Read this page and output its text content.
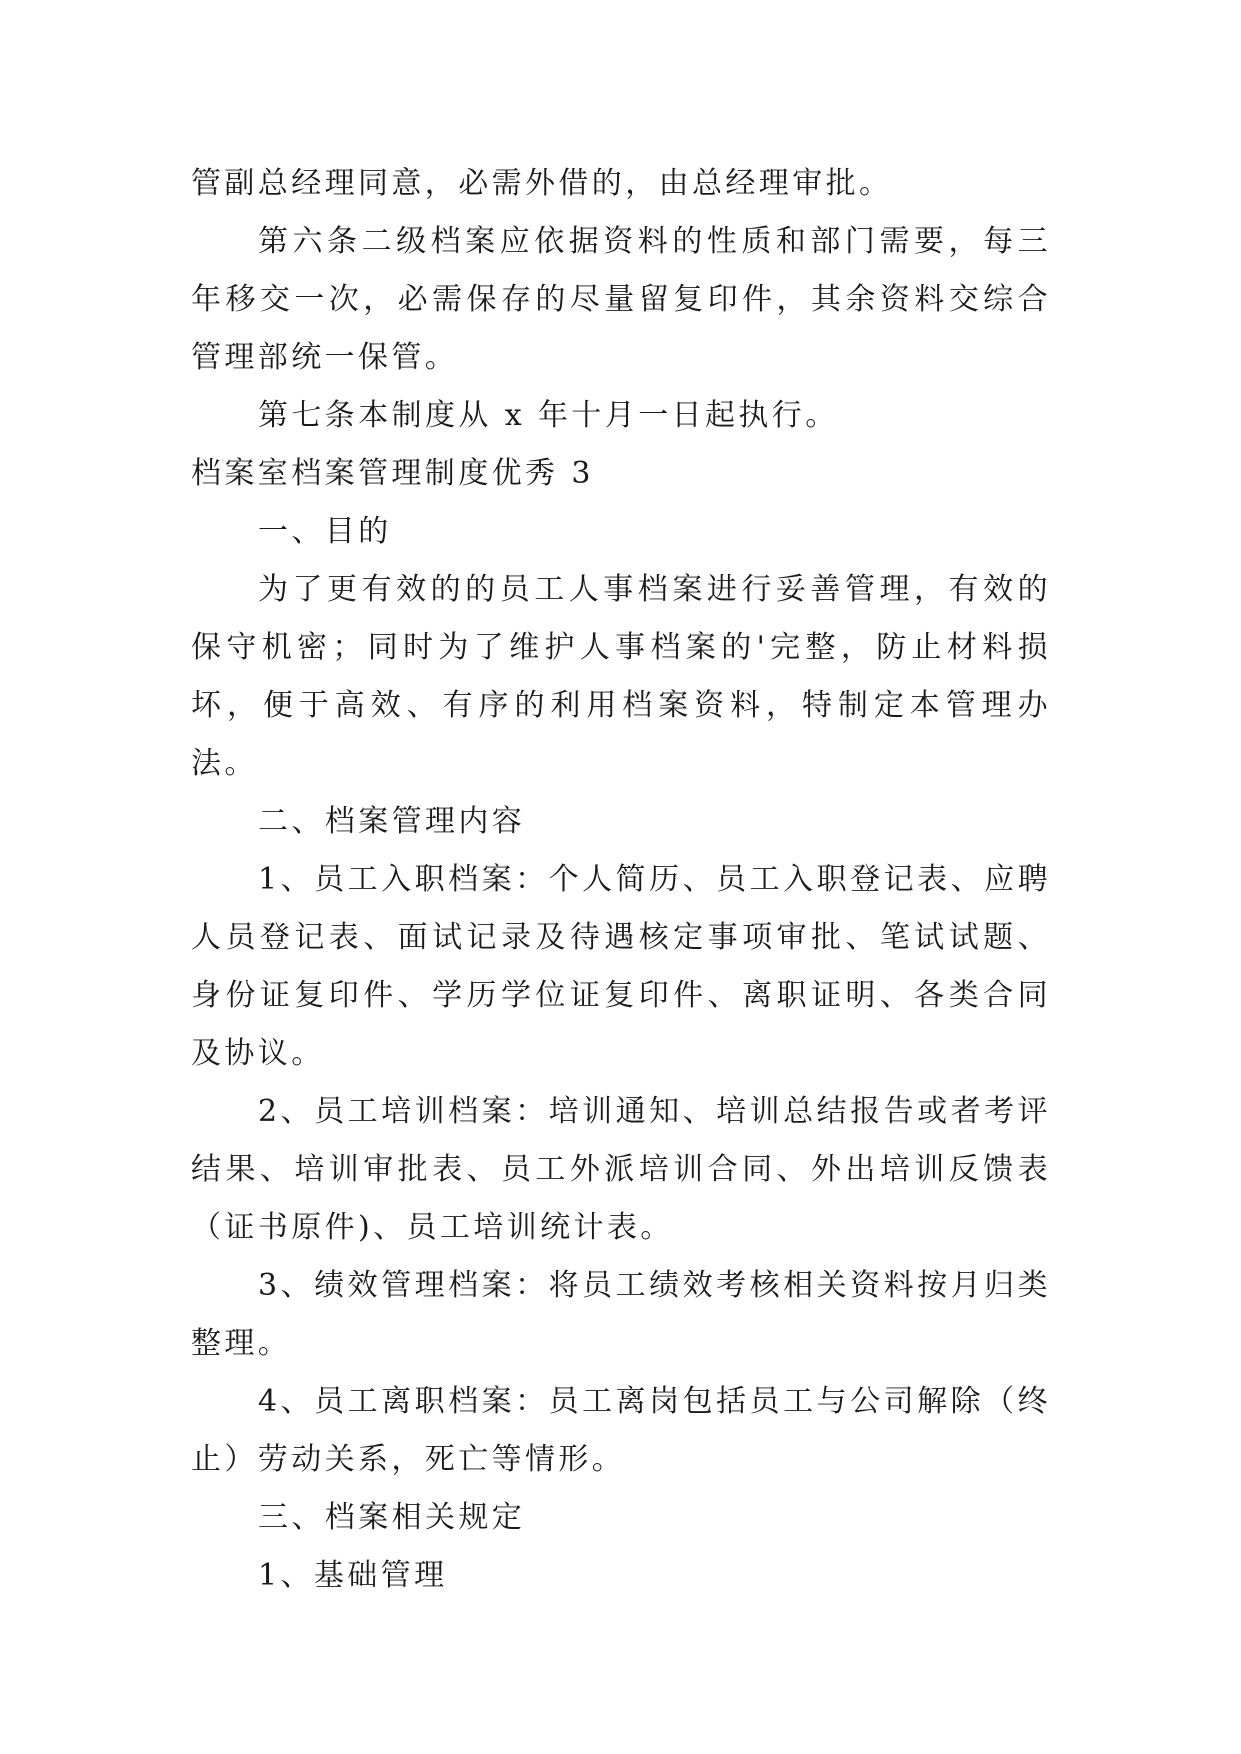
管副总经理同意，必需外借的，由总经理审批。

第六条二级档案应依据资料的性质和部门需要，每三年移交一次，必需保存的尽量留复印件，其余资料交综合管理部统一保管。

第七条本制度从 x 年十月一日起执行。

档案室档案管理制度优秀 3

一、目的

为了更有效的的员工人事档案进行妥善管理，有效的保守机密；同时为了维护人事档案的'完整，防止材料损坏，便于高效、有序的利用档案资料，特制定本管理办法。

二、档案管理内容

1、员工入职档案：个人简历、员工入职登记表、应聘人员登记表、面试记录及待遇核定事项审批、笔试试题、身份证复印件、学历学位证复印件、离职证明、各类合同及协议。

2、员工培训档案：培训通知、培训总结报告或者考评结果、培训审批表、员工外派培训合同、外出培训反馈表（证书原件)、员工培训统计表。

3、绩效管理档案：将员工绩效考核相关资料按月归类整理。

4、员工离职档案：员工离岗包括员工与公司解除（终止）劳动关系，死亡等情形。

三、档案相关规定

1、基础管理
